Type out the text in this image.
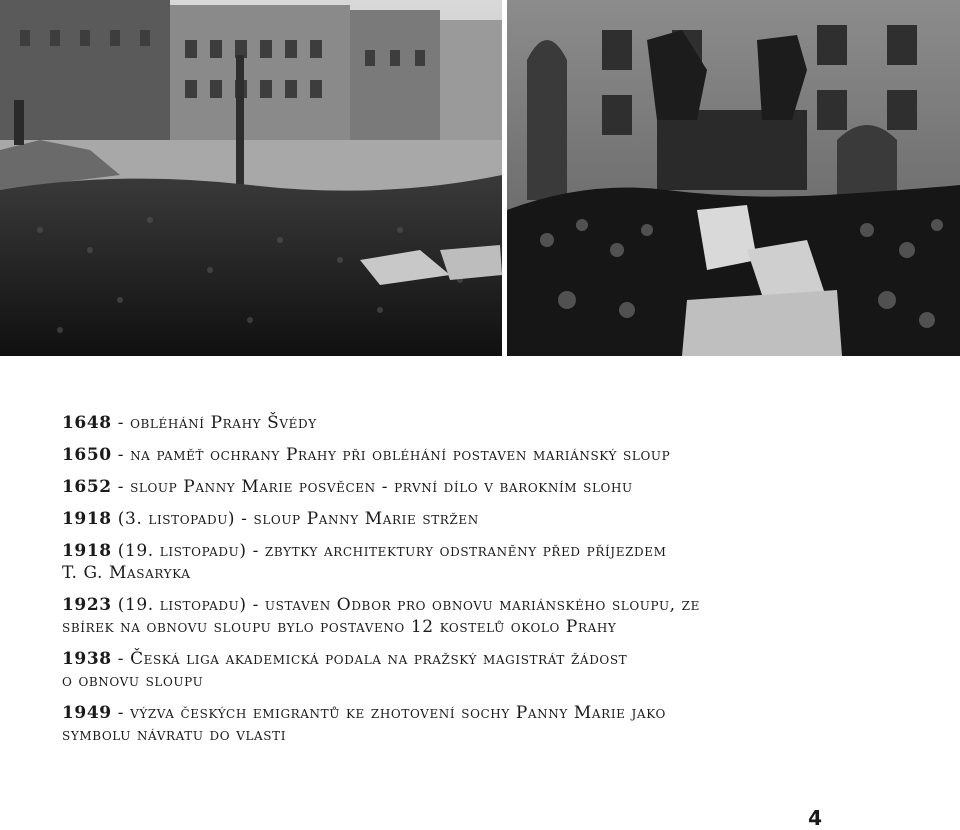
1648 - obléhání Prahy Švédy
1650 - na paměť ochrany Prahy při obléhání postaven mariánský sloup
1652 - sloup Panny Marie posvěcen - první dílo v barokním slohu
1918 (3. listopadu) - sloup Panny Marie stržen
1918 (19. listopadu) - zbytky architektury odstraněny před příjezdem
T. G. Masaryka
1923 (19. listopadu) - ustaven Odbor pro obnovu mariánského sloupu, ze
sbírek na obnovu sloupu bylo postaveno 12 kostelů okolo Prahy
1938 - Česká liga akademická podala na pražský magistrát žádost
o obnovu sloupu
1949 - výzva českých emigrantů ke zhotovení sochy Panny Marie jako
symbolu návratu do vlasti
4
